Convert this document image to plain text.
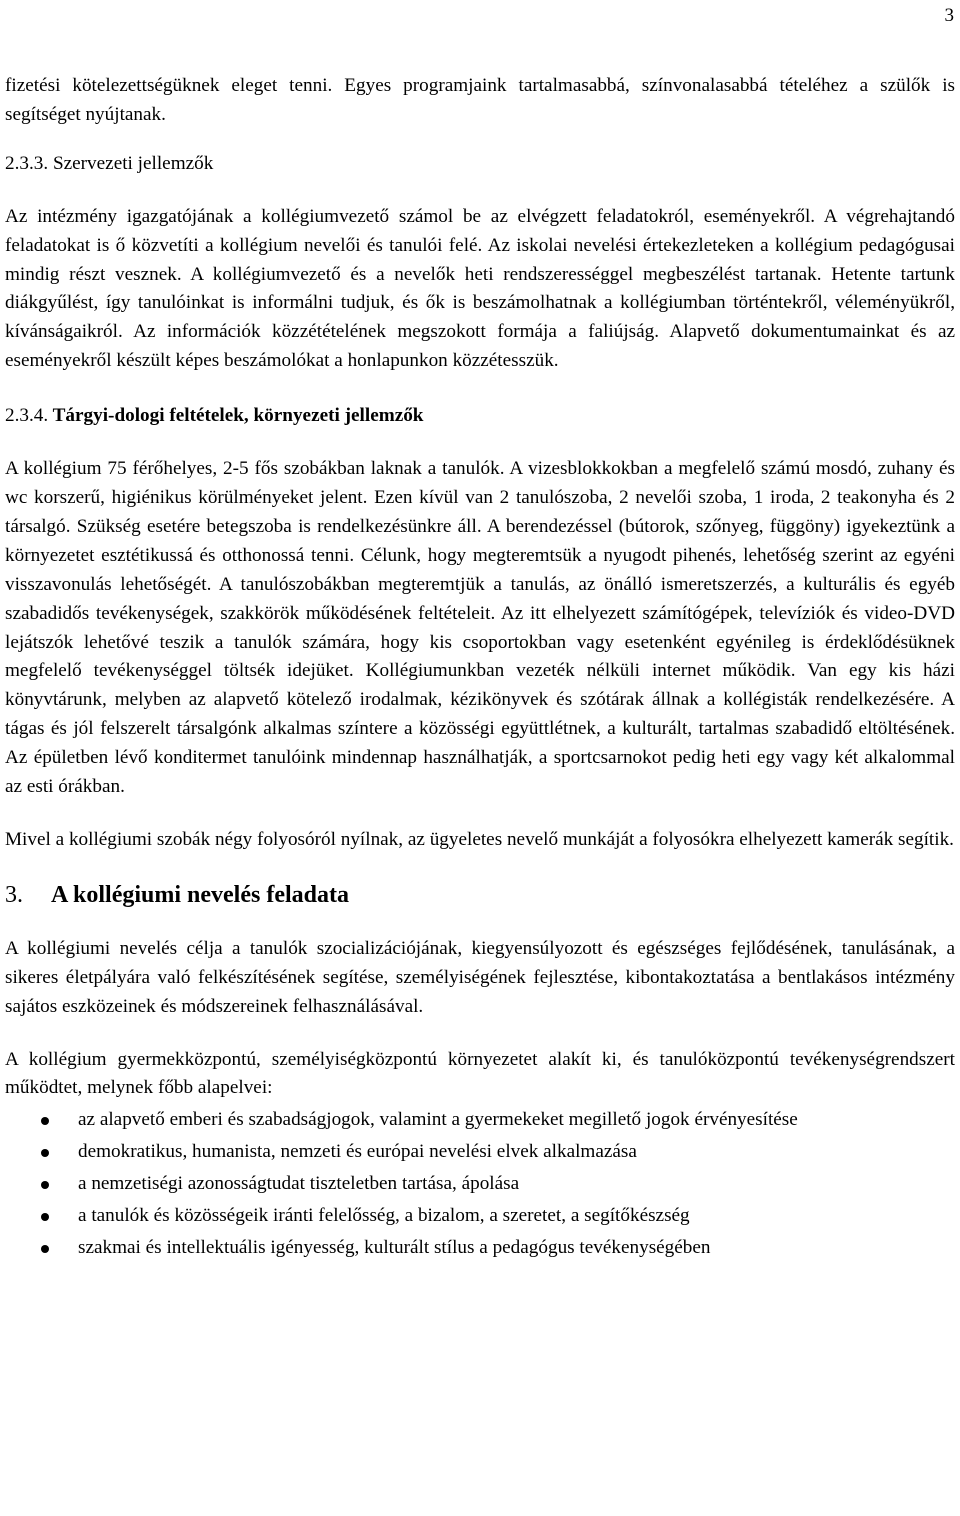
3

fizetési kötelezettségüknek eleget tenni. Egyes programjaink tartalmasabbá, színvonalasabbá tételéhez a szülők is segítséget nyújtanak.

2.3.3. Szervezeti jellemzők

Az intézmény igazgatójának a kollégiumvezető számol be az elvégzett feladatokról, eseményekről. A végrehajtandó feladatokat is ő közvetíti a kollégium nevelői és tanulói felé. Az iskolai nevelési értekezleteken a kollégium pedagógusai mindig részt vesznek. A kollégiumvezető és a nevelők heti rendszerességgel megbeszélést tartanak. Hetente tartunk diákgyűlést, így tanulóinkat is informálni tudjuk, és ők is beszámolhatnak a kollégiumban történtekről, véleményükről, kívánságaikról. Az információk közzétételének megszokott formája a faliújság. Alapvető dokumentumainkat és az eseményekről készült képes beszámolókat a honlapunkon közzétesszük.

2.3.4. Tárgyi-dologi feltételek, környezeti jellemzők

A kollégium 75 férőhelyes, 2-5 fős szobákban laknak a tanulók. A vizesblokkokban a megfelelő számú mosdó, zuhany és wc korszerű, higiénikus körülményeket jelent. Ezen kívül van 2 tanulószoba, 2 nevelői szoba, 1 iroda, 2 teakonyha és 2 társalgó. Szükség esetére betegszoba is rendelkezésünkre áll. A berendezéssel (bútorok, szőnyeg, függöny) igyekeztünk a környezetet esztétikussá és otthonossá tenni. Célunk, hogy megteremtsük a nyugodt pihenés, lehetőség szerint az egyéni visszavonulás lehetőségét. A tanulószobákban megteremtjük a tanulás, az önálló ismeretszerzés, a kulturális és egyéb szabadidős tevékenységek, szakkörök működésének feltételeit. Az itt elhelyezett számítógépek, televíziók és video-DVD lejátszók lehetővé teszik a tanulók számára, hogy kis csoportokban vagy esetenként egyénileg is érdeklődésüknek megfelelő tevékenységgel töltsék idejüket. Kollégiumunkban vezeték nélküli internet működik. Van egy kis házi könyvtárunk, melyben az alapvető kötelező irodalmak, kézikönyvek és szótárak állnak a kollégisták rendelkezésére. A tágas és jól felszerelt társalgónk alkalmas színtere a közösségi együttlétnek, a kulturált, tartalmas szabadidő eltöltésének. Az épületben lévő konditermet tanulóink mindennap használhatják, a sportcsarnokot pedig heti egy vagy két alkalommal az esti órákban.

Mivel a kollégiumi szobák négy folyosóról nyílnak, az ügyeletes nevelő munkáját a folyosókra elhelyezett kamerák segítik.

3. A kollégiumi nevelés feladata

A kollégiumi nevelés célja a tanulók szocializációjának, kiegyensúlyozott és egészséges fejlődésének, tanulásának, a sikeres életpályára való felkészítésének segítése, személyiségének fejlesztése, kibontakoztatása a bentlakásos intézmény sajátos eszközeinek és módszereinek felhasználásával.

A kollégium gyermekközpontú, személyiségközpontú környezetet alakít ki, és tanulóközpontú tevékenységrendszert működtet, melynek főbb alapelvei:

az alapvető emberi és szabadságjogok, valamint a gyermekeket megillető jogok érvényesítése
demokratikus, humanista, nemzeti és európai nevelési elvek alkalmazása
a nemzetiségi azonosságtudat tiszteletben tartása, ápolása
a tanulók és közösségeik iránti felelősség, a bizalom, a szeretet, a segítőkészség
szakmai és intellektuális igényesség, kulturált stílus a pedagógus tevékenységében
